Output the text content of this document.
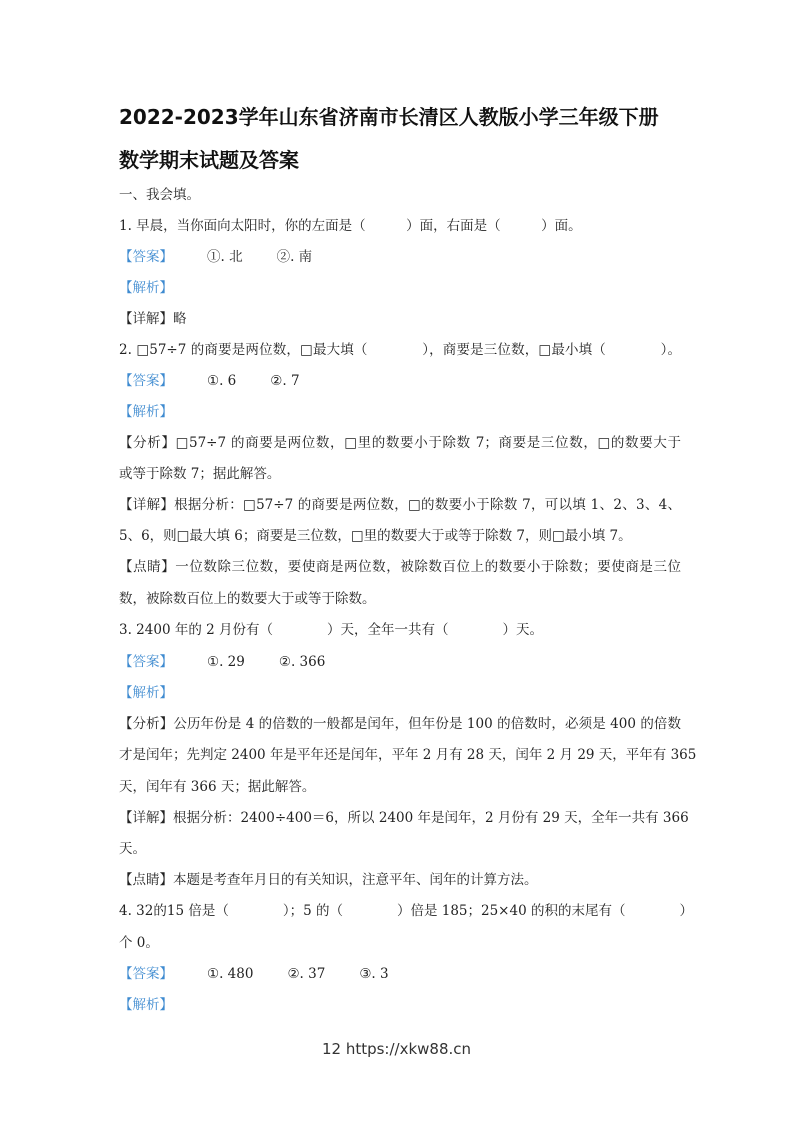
2022-2023学年山东省济南市长清区人教版小学三年级下册
数学期末试题及答案
一、我会填。
1. 早晨，当你面向太阳时，你的左面是（　　　）面，右面是（　　　）面。
【答案】	①. 北	②. 南
【解析】
【详解】略
2. □57÷7 的商要是两位数，□最大填（　　　　），商要是三位数，□最小填（　　　　）。
【答案】	①. 6	②. 7
【解析】
【分析】□57÷7 的商要是两位数，□里的数要小于除数 7；商要是三位数，□的数要大于
或等于除数 7；据此解答。
【详解】根据分析：□57÷7 的商要是两位数，□的数要小于除数 7，可以填 1、2、3、4、
5、6，则□最大填 6；商要是三位数，□里的数要大于或等于除数 7，则□最小填 7。
【点睛】一位数除三位数，要使商是两位数，被除数百位上的数要小于除数；要使商是三位
数，被除数百位上的数要大于或等于除数。
3. 2400 年的 2 月份有（　　　　）天，全年一共有（　　　　）天。
【答案】	①. 29	②. 366
【解析】
【分析】公历年份是 4 的倍数的一般都是闰年，但年份是 100 的倍数时，必须是 400 的倍数
才是闰年；先判定 2400 年是平年还是闰年，平年 2 月有 28 天，闰年 2 月 29 天，平年有 365
天，闰年有 366 天；据此解答。
【详解】根据分析：2400÷400＝6，所以 2400 年是闰年，2 月份有 29 天，全年一共有 366
天。
【点睛】本题是考查年月日的有关知识，注意平年、闰年的计算方法。
4. 32的15 倍是（　　　　）；5 的（　　　　）倍是 185；25×40 的积的末尾有（　　　　）
个 0。
【答案】	①. 480	②. 37	③. 3
【解析】
12 https://xkw88.cn
